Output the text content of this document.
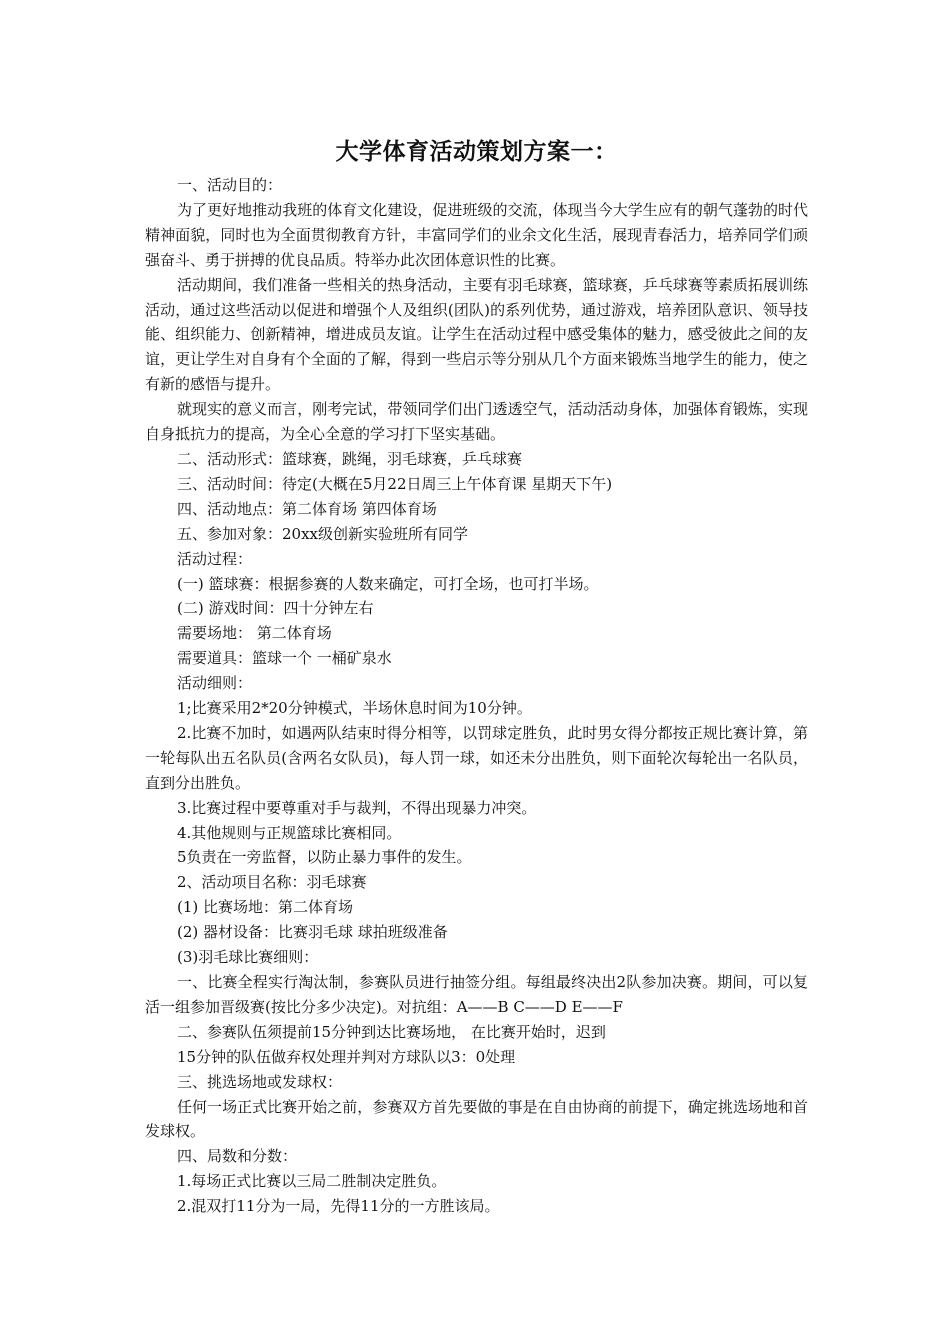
大学体育活动策划方案一：

一、活动目的：

为了更好地推动我班的体育文化建设，促进班级的交流，体现当今大学生应有的朝气蓬勃的时代精神面貌，同时也为全面贯彻教育方针，丰富同学们的业余文化生活，展现青春活力，培养同学们顽强奋斗、勇于拼搏的优良品质。特举办此次团体意识性的比赛。

活动期间，我们准备一些相关的热身活动，主要有羽毛球赛，篮球赛，乒乓球赛等素质拓展训练活动，通过这些活动以促进和增强个人及组织(团队)的系列优势，通过游戏，培养团队意识、领导技能、组织能力、创新精神，增进成员友谊。让学生在活动过程中感受集体的魅力，感受彼此之间的友谊，更让学生对自身有个全面的了解，得到一些启示等分别从几个方面来锻炼当地学生的能力，使之有新的感悟与提升。

就现实的意义而言，刚考完试，带领同学们出门透透空气，活动活动身体，加强体育锻炼，实现自身抵抗力的提高，为全心全意的学习打下坚实基础。

二、活动形式：篮球赛，跳绳，羽毛球赛，乒乓球赛

三、活动时间：待定(大概在5月22日周三上午体育课 星期天下午)

四、活动地点：第二体育场 第四体育场

五、参加对象：20xx级创新实验班所有同学

活动过程：

(一) 篮球赛：根据参赛的人数来确定，可打全场，也可打半场。

(二) 游戏时间：四十分钟左右

需要场地： 第二体育场

需要道具：篮球一个 一桶矿泉水

活动细则：

1;比赛采用2*20分钟模式，半场休息时间为10分钟。

2.比赛不加时，如遇两队结束时得分相等，以罚球定胜负，此时男女得分都按正规比赛计算，第一轮每队出五名队员(含两名女队员)，每人罚一球，如还未分出胜负，则下面轮次每轮出一名队员，直到分出胜负。

3.比赛过程中要尊重对手与裁判，不得出现暴力冲突。

4.其他规则与正规篮球比赛相同。

5负责在一旁监督，以防止暴力事件的发生。

2、活动项目名称：羽毛球赛

(1) 比赛场地：第二体育场

(2) 器材设备：比赛羽毛球 球拍班级准备

(3)羽毛球比赛细则：

一、比赛全程实行淘汰制，参赛队员进行抽签分组。每组最终决出2队参加决赛。期间，可以复活一组参加晋级赛(按比分多少决定)。对抗组：A——B C——D E——F

二、参赛队伍须提前15分钟到达比赛场地， 在比赛开始时，迟到

15分钟的队伍做弃权处理并判对方球队以3：0处理

三、挑选场地或发球权：

任何一场正式比赛开始之前，参赛双方首先要做的事是在自由协商的前提下，确定挑选场地和首发球权。

四、局数和分数：

1.每场正式比赛以三局二胜制决定胜负。

2.混双打11分为一局，先得11分的一方胜该局。
